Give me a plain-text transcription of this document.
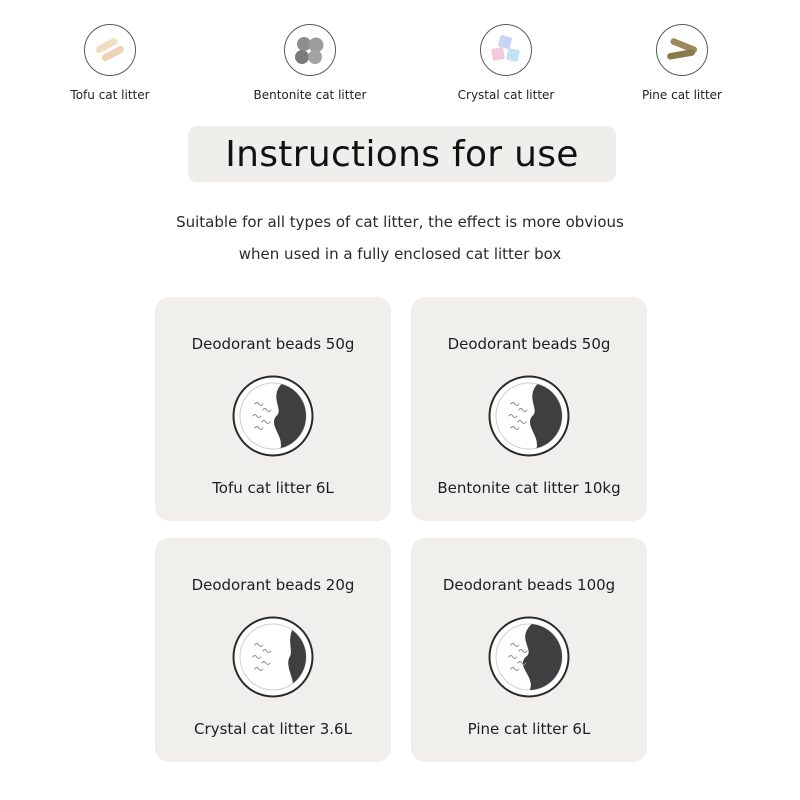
Tofu cat litter	Bentonite cat litter	Crystal cat litter	Pine cat litter
Instructions for use
Suitable for all types of cat litter, the effect is more obvious
when used in a fully enclosed cat litter box
Deodorant beads 50g
Tofu cat litter 6L
Deodorant beads 50g
Bentonite cat litter 10kg
Deodorant beads 20g
Crystal cat litter 3.6L
Deodorant beads 100g
Pine cat litter 6L
